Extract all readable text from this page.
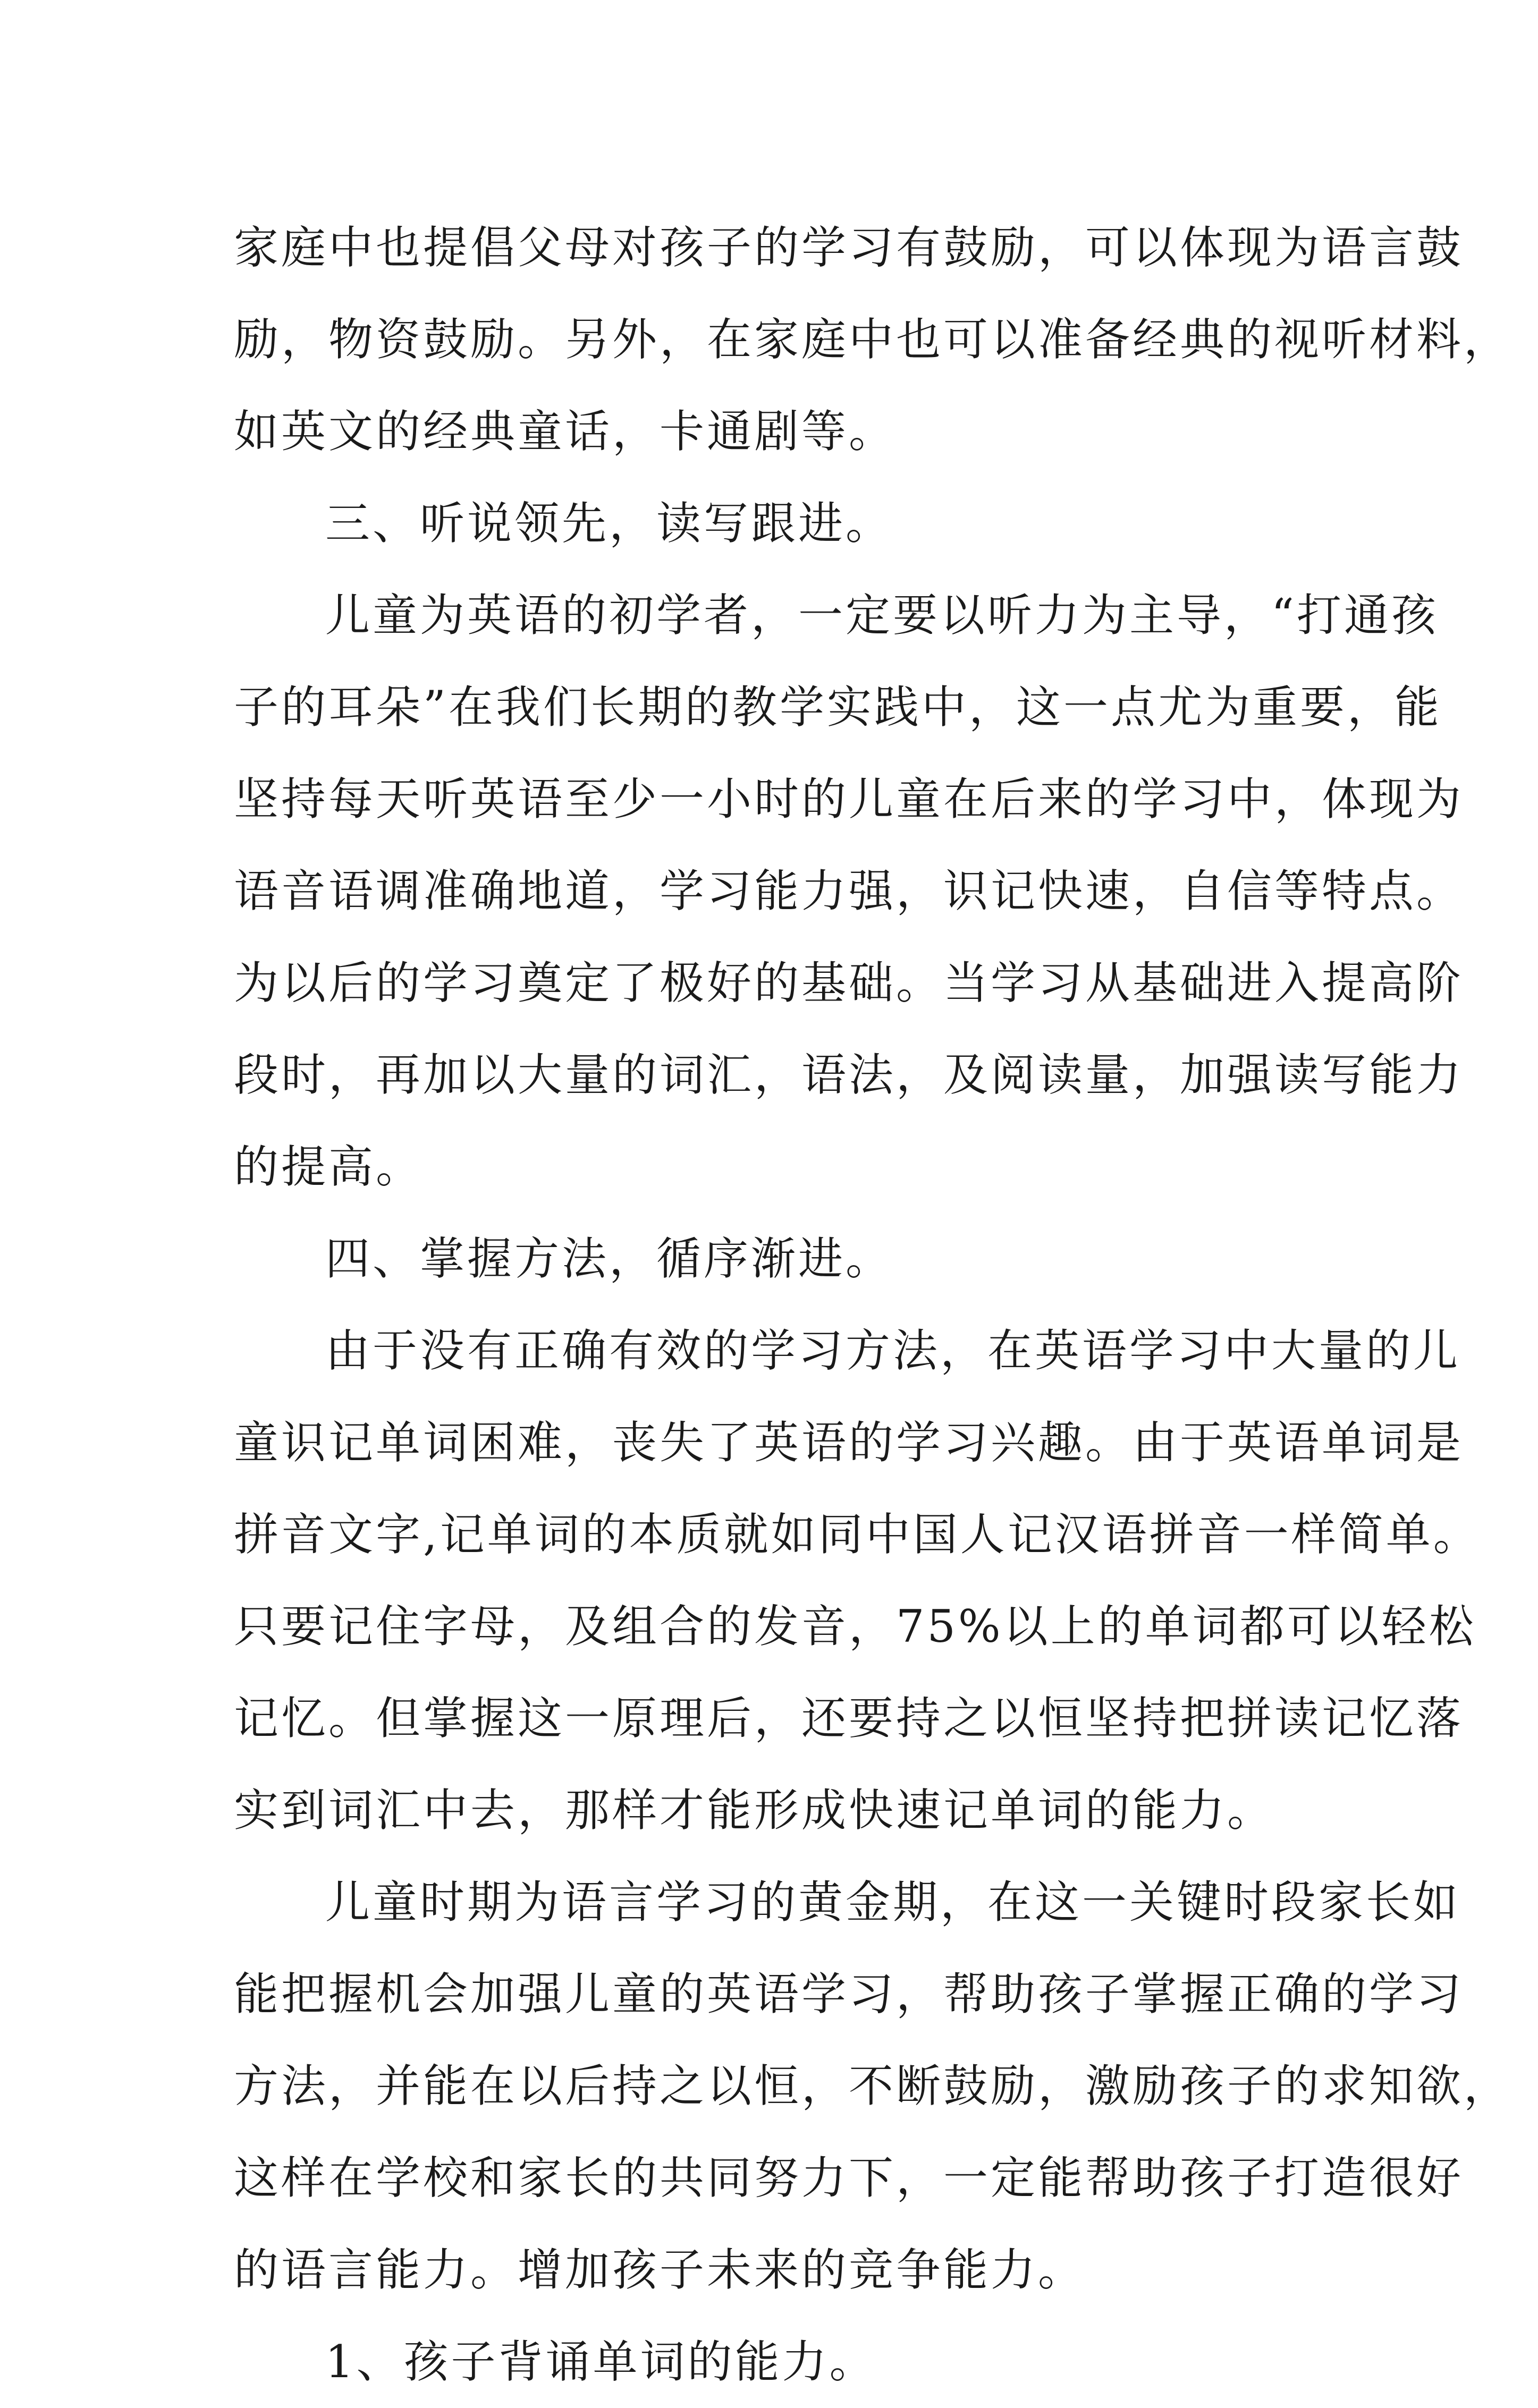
家庭中也提倡父母对孩子的学习有鼓励，可以体现为语言鼓
励，物资鼓励。另外，在家庭中也可以准备经典的视听材料，
如英文的经典童话，卡通剧等。
三、听说领先，读写跟进。
儿童为英语的初学者，一定要以听力为主导，“打通孩
子的耳朵”在我们长期的教学实践中，这一点尤为重要，能
坚持每天听英语至少一小时的儿童在后来的学习中，体现为
语音语调准确地道，学习能力强，识记快速，自信等特点。
为以后的学习奠定了极好的基础。当学习从基础进入提高阶
段时，再加以大量的词汇，语法，及阅读量，加强读写能力
的提高。
四、掌握方法，循序渐进。
由于没有正确有效的学习方法，在英语学习中大量的儿
童识记单词困难，丧失了英语的学习兴趣。由于英语单词是
拼音文字,记单词的本质就如同中国人记汉语拼音一样简单。
只要记住字母，及组合的发音，75%以上的单词都可以轻松
记忆。但掌握这一原理后，还要持之以恒坚持把拼读记忆落
实到词汇中去，那样才能形成快速记单词的能力。
儿童时期为语言学习的黄金期，在这一关键时段家长如
能把握机会加强儿童的英语学习，帮助孩子掌握正确的学习
方法，并能在以后持之以恒，不断鼓励，激励孩子的求知欲，
这样在学校和家长的共同努力下，一定能帮助孩子打造很好
的语言能力。增加孩子未来的竞争能力。
1、孩子背诵单词的能力。
